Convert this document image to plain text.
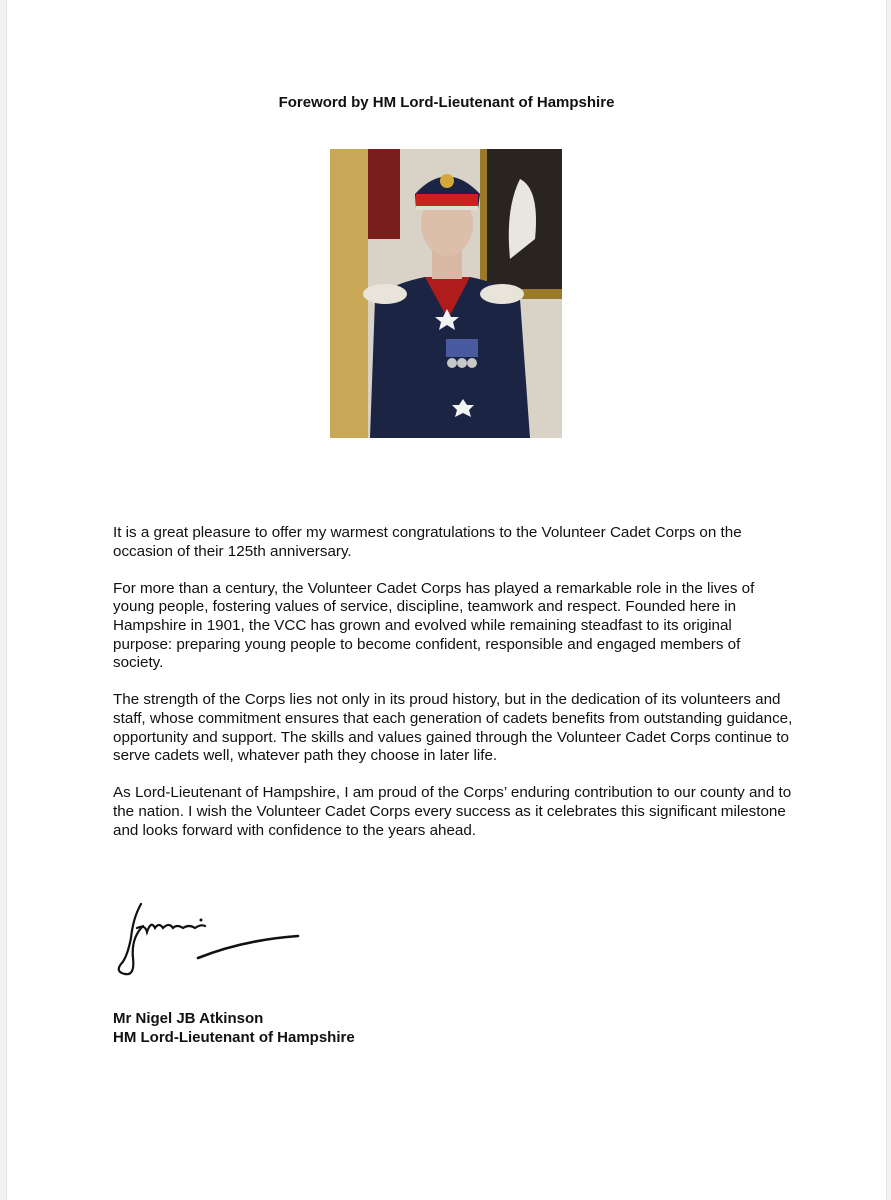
Foreword by HM Lord-Lieutenant of Hampshire

It is a great pleasure to offer my warmest congratulations to the Volunteer Cadet Corps on the occasion of their 125th anniversary.

For more than a century, the Volunteer Cadet Corps has played a remarkable role in the lives of young people, fostering values of service, discipline, teamwork and respect. Founded here in Hampshire in 1901, the VCC has grown and evolved while remaining steadfast to its original purpose: preparing young people to become confident, responsible and engaged members of society.

The strength of the Corps lies not only in its proud history, but in the dedication of its volunteers and staff, whose commitment ensures that each generation of cadets benefits from outstanding guidance, opportunity and support. The skills and values gained through the Volunteer Cadet Corps continue to serve cadets well, whatever path they choose in later life.

As Lord-Lieutenant of Hampshire, I am proud of the Corps’ enduring contribution to our county and to the nation. I wish the Volunteer Cadet Corps every success as it celebrates this significant milestone and looks forward with confidence to the years ahead.

Mr Nigel JB Atkinson
HM Lord-Lieutenant of Hampshire
